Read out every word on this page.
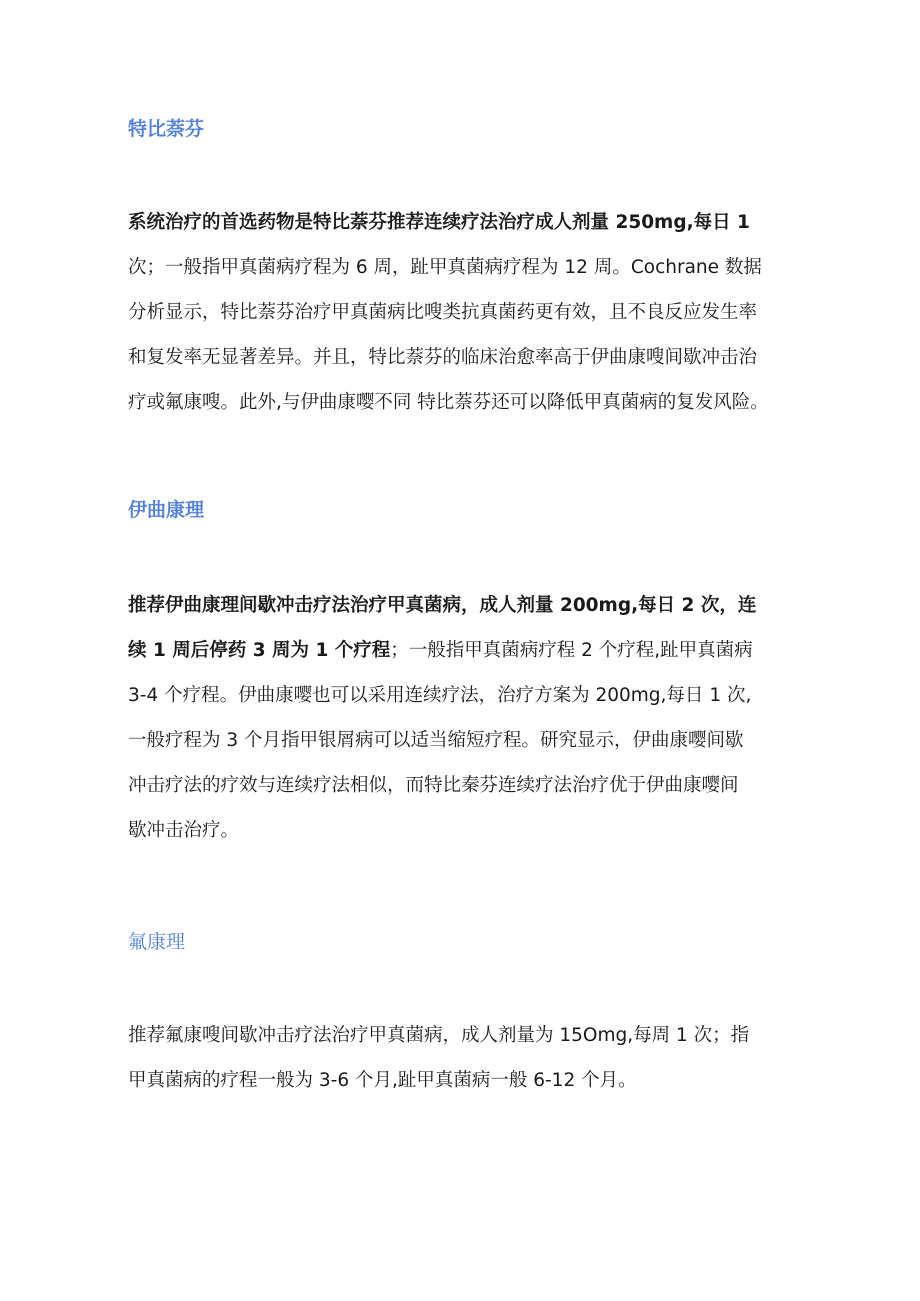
特比萘芬
系统治疗的首选药物是特比萘芬推荐连续疗法治疗成人剂量 250mg,每日 1
次；一般指甲真菌病疗程为 6 周，趾甲真菌病疗程为 12 周。Cochrane 数据
分析显示，特比萘芬治疗甲真菌病比嗖类抗真菌药更有效，且不良反应发生率
和复发率无显著差异。并且，特比萘芬的临床治愈率高于伊曲康嗖间歇冲击治
疗或氟康嗖。此外,与伊曲康嘤不同 特比萘芬还可以降低甲真菌病的复发风险。
伊曲康理
推荐伊曲康理间歇冲击疗法治疗甲真菌病，成人剂量 200mg,每日 2 次，连
续 1 周后停药 3 周为 1 个疗程；一般指甲真菌病疗程 2 个疗程,趾甲真菌病
3-4 个疗程。伊曲康嘤也可以采用连续疗法，治疗方案为 200mg,每日 1 次,
一般疗程为 3 个月指甲银屑病可以适当缩短疗程。研究显示，伊曲康嘤间歇
冲击疗法的疗效与连续疗法相似，而特比秦芬连续疗法治疗优于伊曲康嘤间
歇冲击治疗。
氟康理
推荐氟康嗖间歇冲击疗法治疗甲真菌病，成人剂量为 15Omg,每周 1 次；指
甲真菌病的疗程一般为 3-6 个月,趾甲真菌病一般 6-12 个月。
